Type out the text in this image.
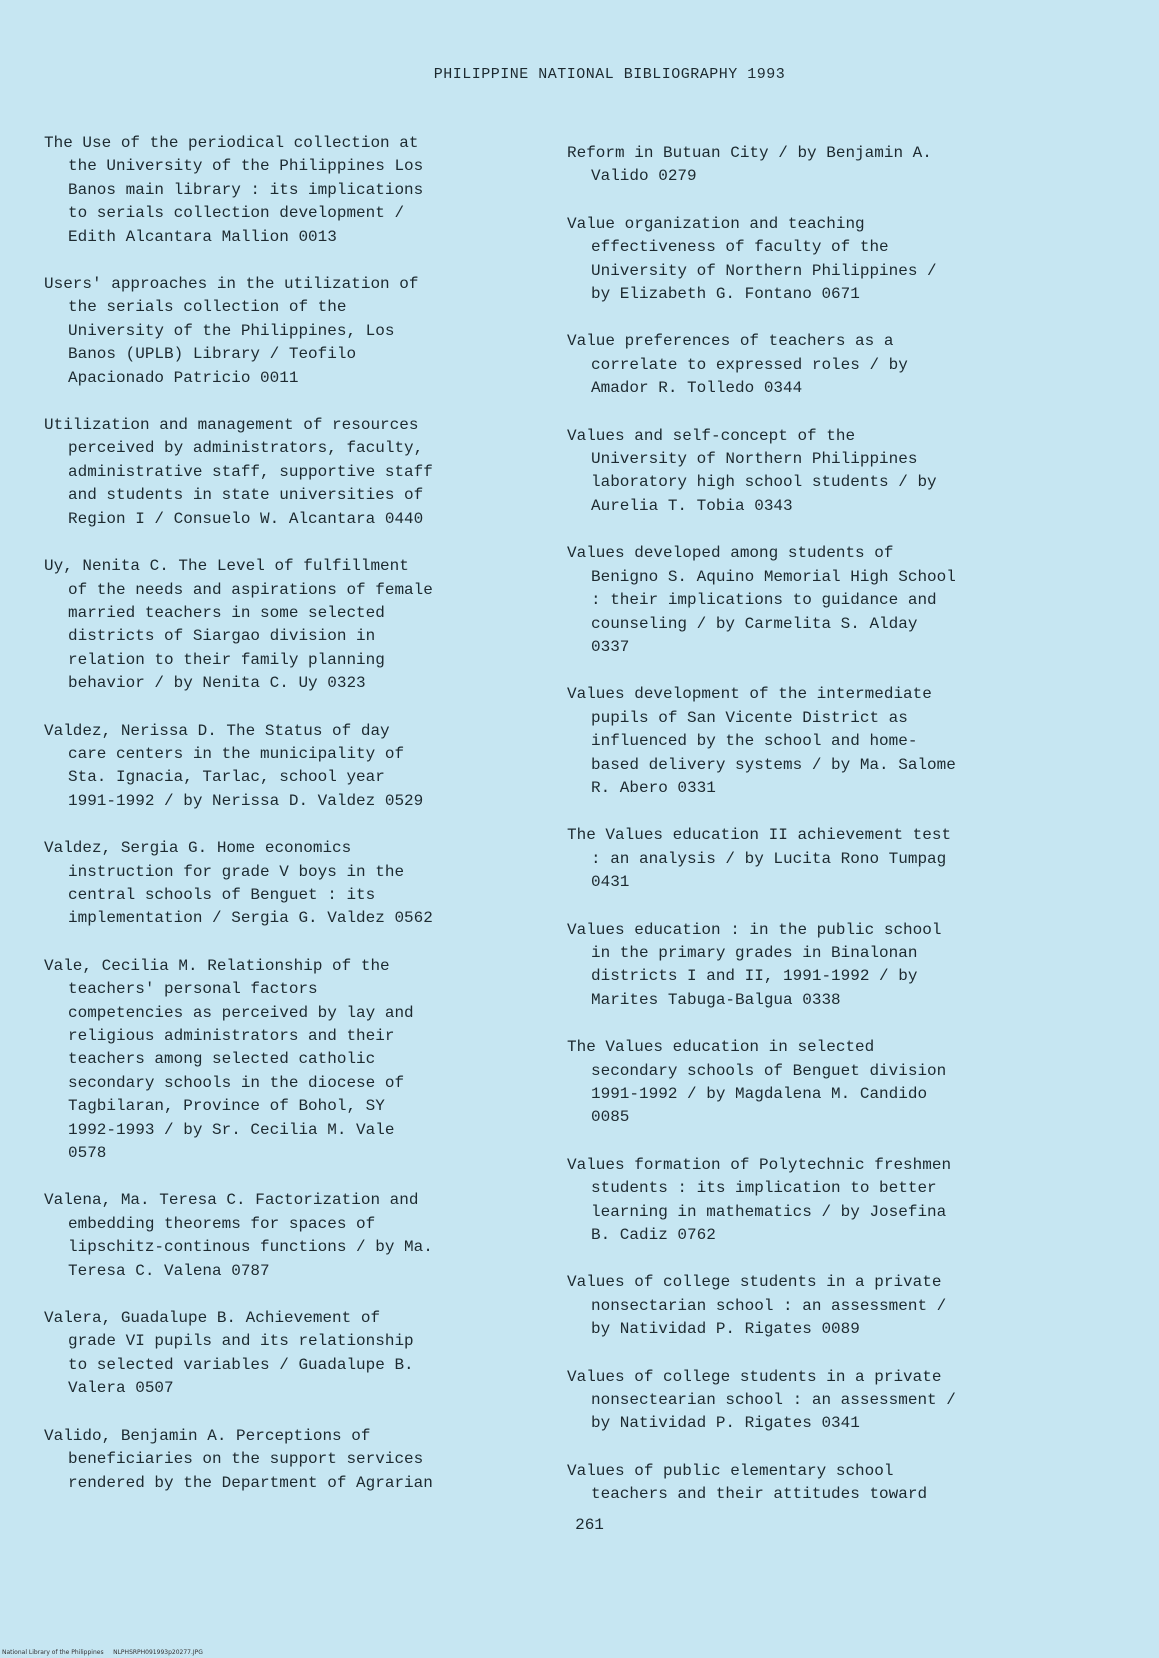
PHILIPPINE NATIONAL BIBLIOGRAPHY 1993
The Use of the periodical collection at
the University of the Philippines Los
Banos main library : its implications
to serials collection development /
Edith Alcantara Mallion 0013
Users' approaches in the utilization of
the serials collection of the
University of the Philippines, Los
Banos (UPLB) Library / Teofilo
Apacionado Patricio 0011
Utilization and management of resources
perceived by administrators, faculty,
administrative staff, supportive staff
and students in state universities of
Region I / Consuelo W. Alcantara 0440
Uy, Nenita C. The Level of fulfillment
of the needs and aspirations of female
married teachers in some selected
districts of Siargao division in
relation to their family planning
behavior / by Nenita C. Uy 0323
Valdez, Nerissa D. The Status of day
care centers in the municipality of
Sta. Ignacia, Tarlac, school year
1991-1992 / by Nerissa D. Valdez 0529
Valdez, Sergia G. Home economics
instruction for grade V boys in the
central schools of Benguet : its
implementation / Sergia G. Valdez 0562
Vale, Cecilia M. Relationship of the
teachers' personal factors
competencies as perceived by lay and
religious administrators and their
teachers among selected catholic
secondary schools in the diocese of
Tagbilaran, Province of Bohol, SY
1992-1993 / by Sr. Cecilia M. Vale
0578
Valena, Ma. Teresa C. Factorization and
embedding theorems for spaces of
lipschitz-continous functions / by Ma.
Teresa C. Valena 0787
Valera, Guadalupe B. Achievement of
grade VI pupils and its relationship
to selected variables / Guadalupe B.
Valera 0507
Valido, Benjamin A. Perceptions of
beneficiaries on the support services
rendered by the Department of Agrarian
Reform in Butuan City / by Benjamin A.
Valido 0279
Value organization and teaching
effectiveness of faculty of the
University of Northern Philippines /
by Elizabeth G. Fontano 0671
Value preferences of teachers as a
correlate to expressed roles / by
Amador R. Tolledo 0344
Values and self-concept of the
University of Northern Philippines
laboratory high school students / by
Aurelia T. Tobia 0343
Values developed among students of
Benigno S. Aquino Memorial High School
: their implications to guidance and
counseling / by Carmelita S. Alday
0337
Values development of the intermediate
pupils of San Vicente District as
influenced by the school and home-
based delivery systems / by Ma. Salome
R. Abero 0331
The Values education II achievement test
: an analysis / by Lucita Rono Tumpag
0431
Values education : in the public school
in the primary grades in Binalonan
districts I and II, 1991-1992 / by
Marites Tabuga-Balgua 0338
The Values education in selected
secondary schools of Benguet division
1991-1992 / by Magdalena M. Candido
0085
Values formation of Polytechnic freshmen
students : its implication to better
learning in mathematics / by Josefina
B. Cadiz 0762
Values of college students in a private
nonsectarian school : an assessment /
by Natividad P. Rigates 0089
Values of college students in a private
nonsectearian school : an assessment /
by Natividad P. Rigates 0341
Values of public elementary school
teachers and their attitudes toward
261
National Library of the Philippines     NLPHSRPH091993p20277.JPG
